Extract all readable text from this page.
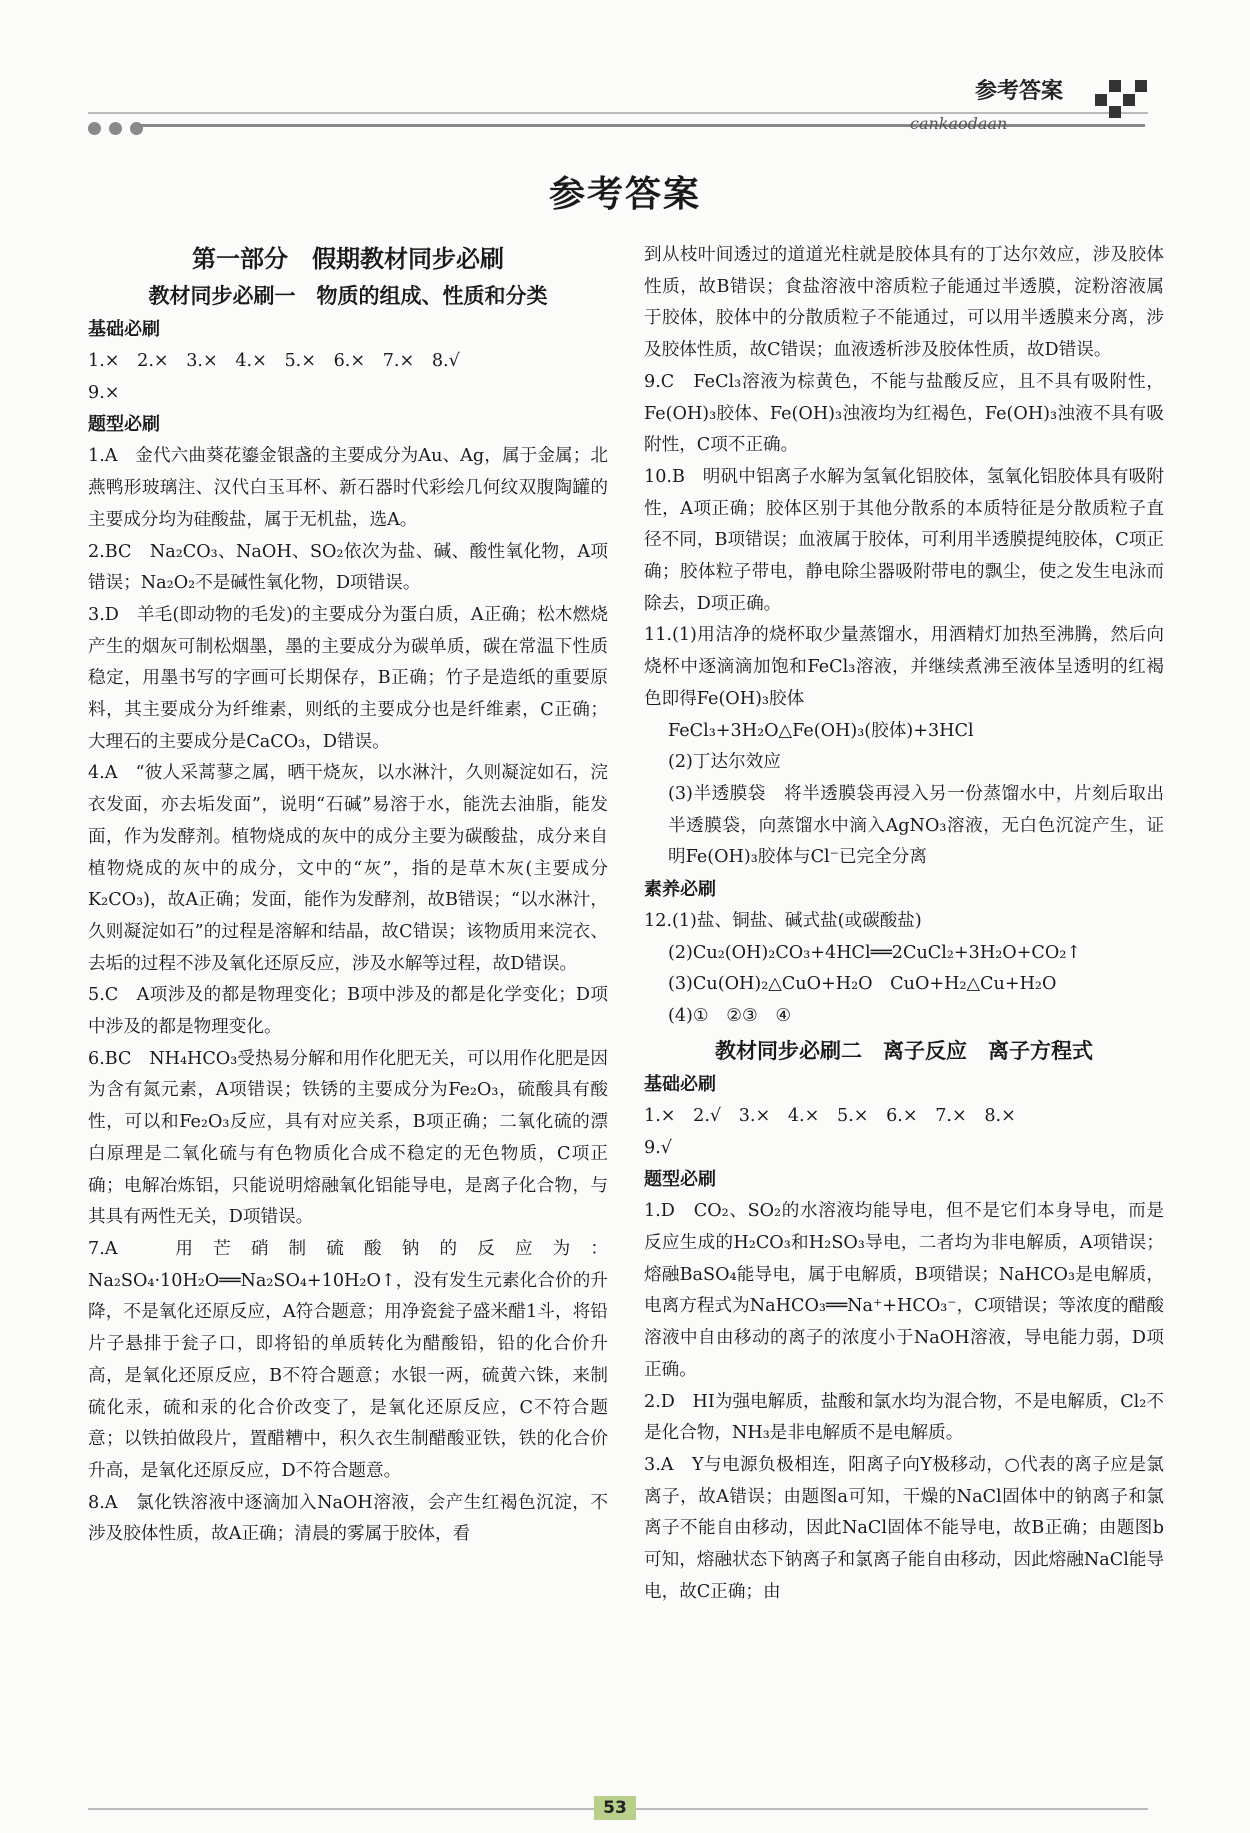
参考答案
cankaodaan
参考答案
第一部分　假期教材同步必刷
教材同步必刷一　物质的组成、性质和分类
基础必刷
1.×　2.×　3.×　4.×　5.×　6.×　7.×　8.√
9.×
题型必刷
1.A　金代六曲葵花鎏金银盏的主要成分为Au、Ag，属于金属；北燕鸭形玻璃注、汉代白玉耳杯、新石器时代彩绘几何纹双腹陶罐的主要成分均为硅酸盐，属于无机盐，选A。
2.BC　Na₂CO₃、NaOH、SO₂依次为盐、碱、酸性氧化物，A项错误；Na₂O₂不是碱性氧化物，D项错误。
3.D　羊毛(即动物的毛发)的主要成分为蛋白质，A正确；松木燃烧产生的烟灰可制松烟墨，墨的主要成分为碳单质，碳在常温下性质稳定，用墨书写的字画可长期保存，B正确；竹子是造纸的重要原料，其主要成分为纤维素，则纸的主要成分也是纤维素，C正确；大理石的主要成分是CaCO₃，D错误。
4.A　“彼人采蒿蓼之属，晒干烧灰，以水淋汁，久则凝淀如石，浣衣发面，亦去垢发面”，说明“石碱”易溶于水，能洗去油脂，能发面，作为发酵剂。植物烧成的灰中的成分主要为碳酸盐，成分来自植物烧成的灰中的成分，文中的“灰”，指的是草木灰(主要成分K₂CO₃)，故A正确；发面，能作为发酵剂，故B错误；“以水淋汁，久则凝淀如石”的过程是溶解和结晶，故C错误；该物质用来浣衣、去垢的过程不涉及氧化还原反应，涉及水解等过程，故D错误。
5.C　A项涉及的都是物理变化；B项中涉及的都是化学变化；D项中涉及的都是物理变化。
6.BC　NH₄HCO₃受热易分解和用作化肥无关，可以用作化肥是因为含有氮元素，A项错误；铁锈的主要成分为Fe₂O₃，硫酸具有酸性，可以和Fe₂O₃反应，具有对应关系，B项正确；二氧化硫的漂白原理是二氧化硫与有色物质化合成不稳定的无色物质，C项正确；电解冶炼铝，只能说明熔融氧化铝能导电，是离子化合物，与其具有两性无关，D项错误。
7.A　用芒硝制硫酸钠的反应为：Na₂SO₄·10H₂O══Na₂SO₄+10H₂O↑，没有发生元素化合价的升降，不是氧化还原反应，A符合题意；用净瓷瓮子盛米醋1斗，将铅片子悬排于瓮子口，即将铅的单质转化为醋酸铅，铅的化合价升高，是氧化还原反应，B不符合题意；水银一两，硫黄六铢，来制硫化汞，硫和汞的化合价改变了，是氧化还原反应，C不符合题意；以铁拍做段片，置醋糟中，积久衣生制醋酸亚铁，铁的化合价升高，是氧化还原反应，D不符合题意。
8.A　氯化铁溶液中逐滴加入NaOH溶液，会产生红褐色沉淀，不涉及胶体性质，故A正确；清晨的雾属于胶体，看
到从枝叶间透过的道道光柱就是胶体具有的丁达尔效应，涉及胶体性质，故B错误；食盐溶液中溶质粒子能通过半透膜，淀粉溶液属于胶体，胶体中的分散质粒子不能通过，可以用半透膜来分离，涉及胶体性质，故C错误；血液透析涉及胶体性质，故D错误。
9.C　FeCl₃溶液为棕黄色，不能与盐酸反应，且不具有吸附性，Fe(OH)₃胶体、Fe(OH)₃浊液均为红褐色，Fe(OH)₃浊液不具有吸附性，C项不正确。
10.B　明矾中铝离子水解为氢氧化铝胶体，氢氧化铝胶体具有吸附性，A项正确；胶体区别于其他分散系的本质特征是分散质粒子直径不同，B项错误；血液属于胶体，可利用半透膜提纯胶体，C项正确；胶体粒子带电，静电除尘器吸附带电的飘尘，使之发生电泳而除去，D项正确。
11.(1)用洁净的烧杯取少量蒸馏水，用酒精灯加热至沸腾，然后向烧杯中逐滴滴加饱和FeCl₃溶液，并继续煮沸至液体呈透明的红褐色即得Fe(OH)₃胶体
FeCl₃+3H₂O△Fe(OH)₃(胶体)+3HCl
(2)丁达尔效应
(3)半透膜袋　将半透膜袋再浸入另一份蒸馏水中，片刻后取出半透膜袋，向蒸馏水中滴入AgNO₃溶液，无白色沉淀产生，证明Fe(OH)₃胶体与Cl⁻已完全分离
素养必刷
12.(1)盐、铜盐、碱式盐(或碳酸盐)
(2)Cu₂(OH)₂CO₃+4HCl══2CuCl₂+3H₂O+CO₂↑
(3)Cu(OH)₂△CuO+H₂O　CuO+H₂△Cu+H₂O
(4)①　②③　④
教材同步必刷二　离子反应　离子方程式
基础必刷
1.×　2.√　3.×　4.×　5.×　6.×　7.×　8.×
9.√
题型必刷
1.D　CO₂、SO₂的水溶液均能导电，但不是它们本身导电，而是反应生成的H₂CO₃和H₂SO₃导电，二者均为非电解质，A项错误；熔融BaSO₄能导电，属于电解质，B项错误；NaHCO₃是电解质，电离方程式为NaHCO₃══Na⁺+HCO₃⁻，C项错误；等浓度的醋酸溶液中自由移动的离子的浓度小于NaOH溶液，导电能力弱，D项正确。
2.D　HI为强电解质，盐酸和氯水均为混合物，不是电解质，Cl₂不是化合物，NH₃是非电解质不是电解质。
3.A　Y与电源负极相连，阳离子向Y极移动，○代表的离子应是氯离子，故A错误；由题图a可知，干燥的NaCl固体中的钠离子和氯离子不能自由移动，因此NaCl固体不能导电，故B正确；由题图b可知，熔融状态下钠离子和氯离子能自由移动，因此熔融NaCl能导电，故C正确；由
53
